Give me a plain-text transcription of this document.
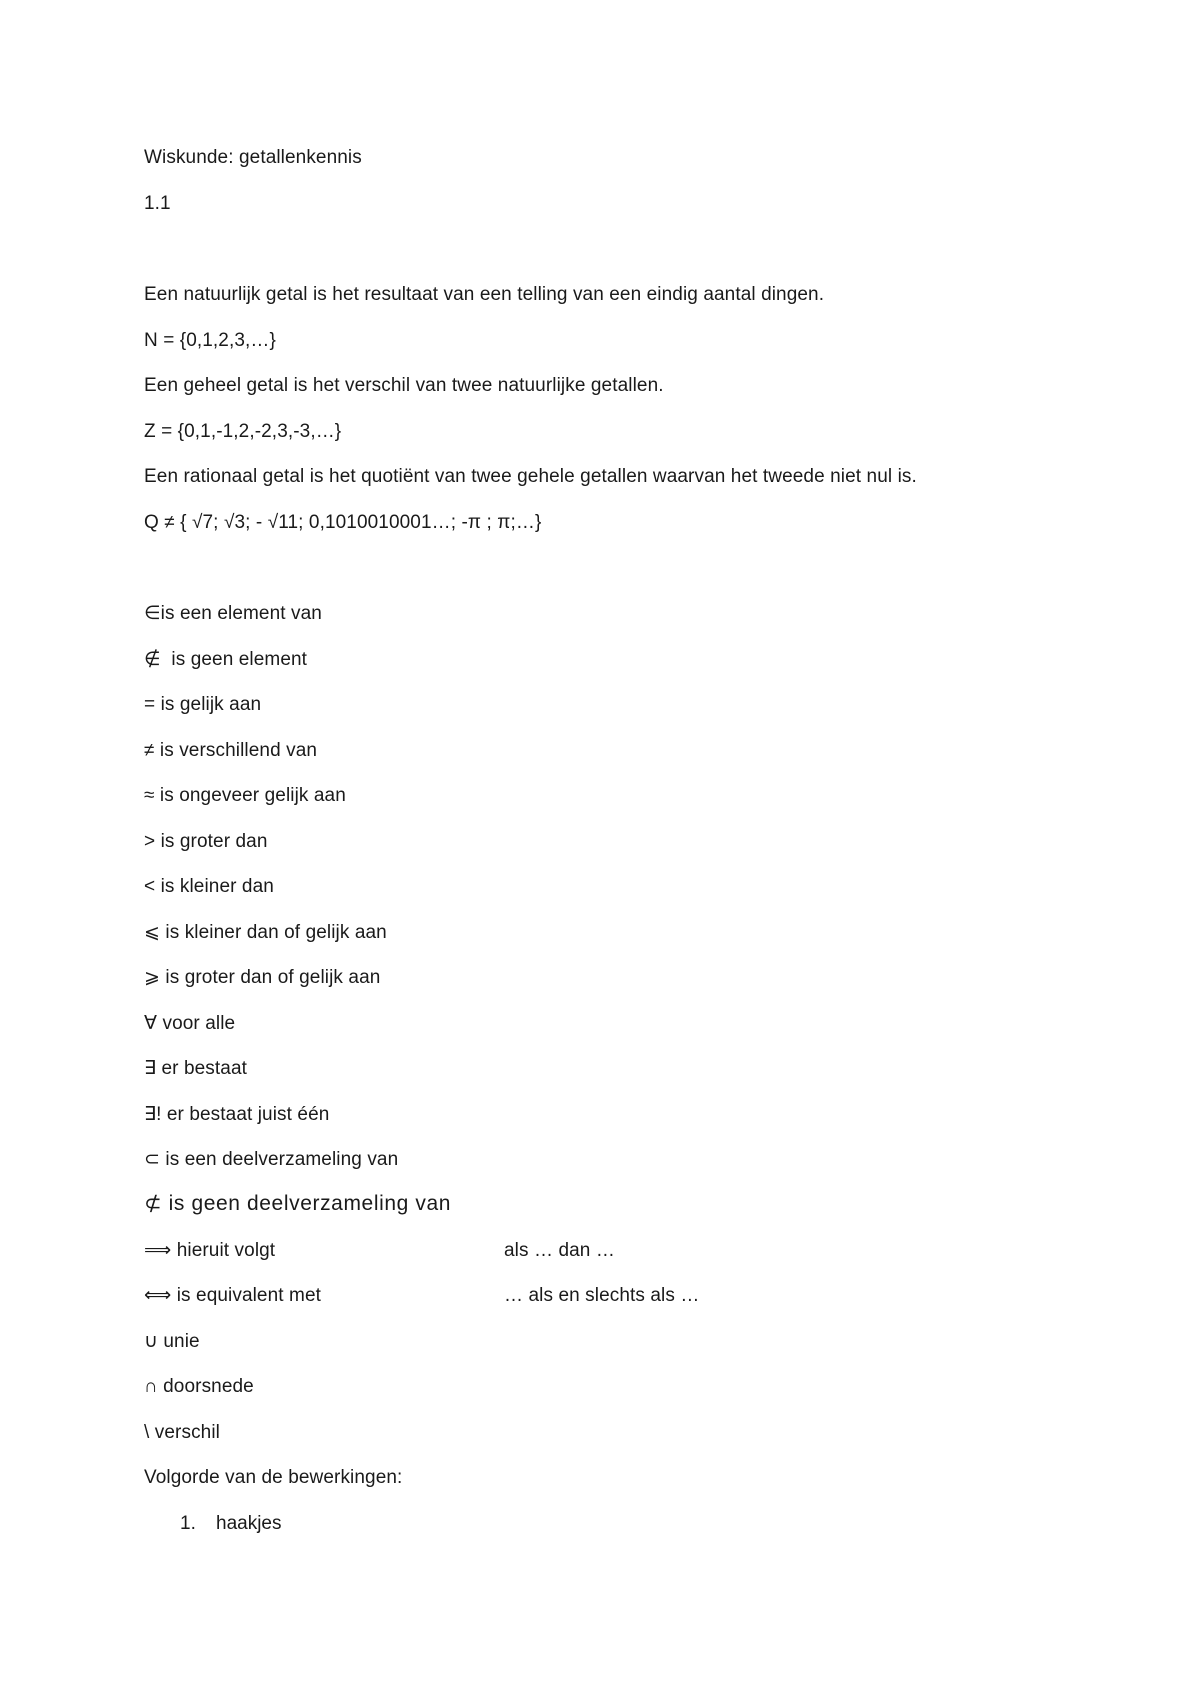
Wiskunde: getallenkennis
1.1
Een natuurlijk getal is het resultaat van een telling van een eindig aantal dingen.
N = {0,1,2,3,…}
Een geheel getal is het verschil van twee natuurlijke getallen.
Z = {0,1,-1,2,-2,3,-3,…}
Een rationaal getal is het quotiënt van twee gehele getallen waarvan het tweede niet nul is.
Q ≠ { √7; √3; - √11; 0,1010010001…; -π ; π;…}
∈is een element van
∉  is geen element
= is gelijk aan
≠ is verschillend van
≈ is ongeveer gelijk aan
> is groter dan
< is kleiner dan
⩽ is kleiner dan of gelijk aan
⩾ is groter dan of gelijk aan
∀ voor alle
∃ er bestaat
∃! er bestaat juist één
⊂ is een deelverzameling van
⊄ is geen deelverzameling van
⟹ hieruit volgt	als … dan …
⟺ is equivalent met	… als en slechts als …
∪ unie
∩ doorsnede
\ verschil
Volgorde van de bewerkingen:
1. haakjes
